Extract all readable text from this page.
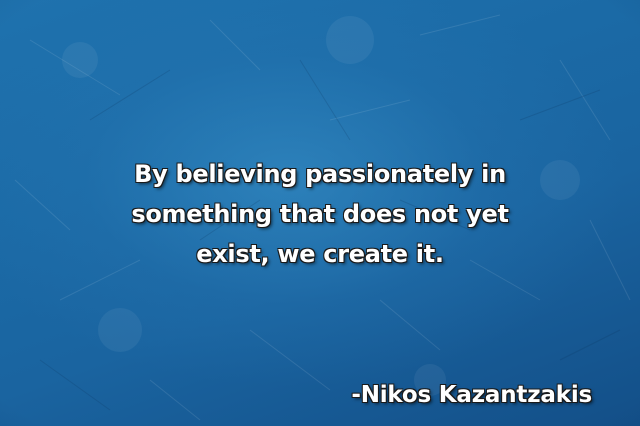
By believing passionately in
something that does not yet
exist, we create it.

-Nikos Kazantzakis
